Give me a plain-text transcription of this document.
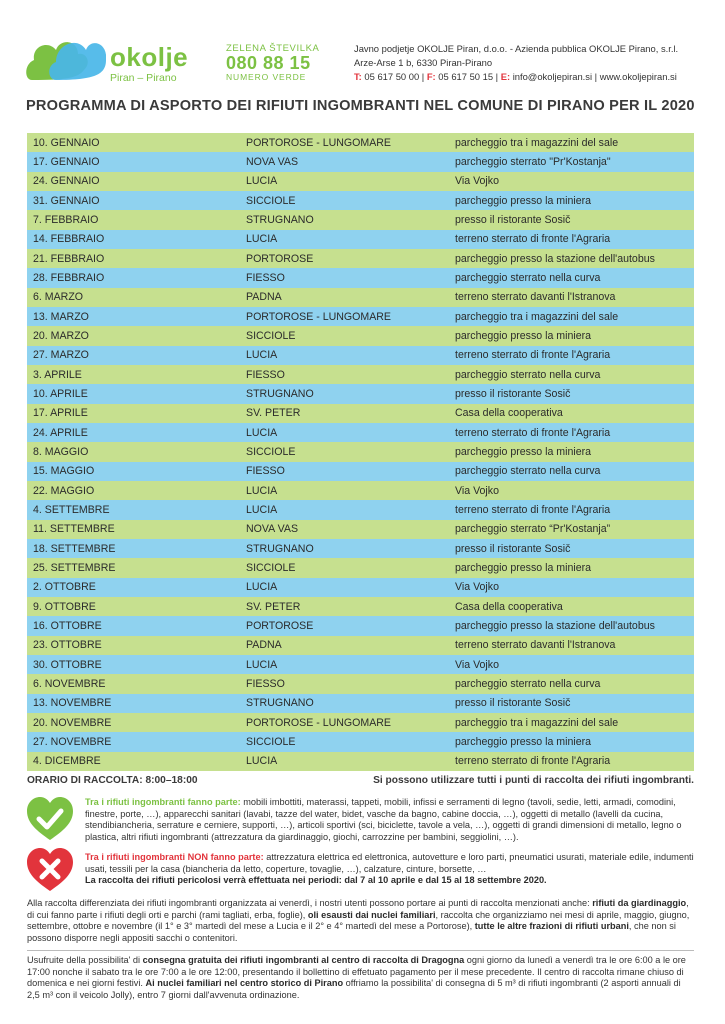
okolje
Piran – Pirano
ZELENA ŠTEVILKA
080 88 15
NUMERO VERDE
Javno podjetje OKOLJE Piran, d.o.o. - Azienda pubblica OKOLJE Pirano, s.r.l.
Arze-Arse 1 b, 6330 Piran-Pirano
T: 05 617 50 00 | F: 05 617 50 15 | E: info@okoljepiran.si | www.okoljepiran.si
PROGRAMMA DI ASPORTO DEI RIFIUTI INGOMBRANTI NEL COMUNE DI PIRANO PER IL 2020
10. GENNAIO	PORTOROSE - LUNGOMARE	parcheggio tra i magazzini del sale
17. GENNAIO	NOVA VAS	parcheggio sterrato "Pr'Kostanja"
24. GENNAIO	LUCIA	Via Vojko
31. GENNAIO	SICCIOLE	parcheggio presso la miniera
7. FEBBRAIO	STRUGNANO	presso il ristorante Sosič
14. FEBBRAIO	LUCIA	terreno sterrato di fronte l'Agraria
21. FEBBRAIO	PORTOROSE	parcheggio presso la stazione dell'autobus
28. FEBBRAIO	FIESSO	parcheggio sterrato nella curva
6. MARZO	PADNA	terreno sterrato davanti l'Istranova
13. MARZO	PORTOROSE - LUNGOMARE	parcheggio tra i magazzini del sale
20. MARZO	SICCIOLE	parcheggio presso la miniera
27. MARZO	LUCIA	terreno sterrato di fronte l'Agraria
3. APRILE	FIESSO	parcheggio sterrato nella curva
10. APRILE	STRUGNANO	presso il ristorante Sosič
17. APRILE	SV. PETER	Casa della cooperativa
24. APRILE	LUCIA	terreno sterrato di fronte l'Agraria
8. MAGGIO	SICCIOLE	parcheggio presso la miniera
15. MAGGIO	FIESSO	parcheggio sterrato nella curva
22. MAGGIO	LUCIA	Via Vojko
4. SETTEMBRE	LUCIA	terreno sterrato di fronte l'Agraria
11. SETTEMBRE	NOVA VAS	parcheggio sterrato “Pr'Kostanja”
18. SETTEMBRE	STRUGNANO	presso il ristorante Sosič
25. SETTEMBRE	SICCIOLE	parcheggio presso la miniera
2. OTTOBRE	LUCIA	Via Vojko
9. OTTOBRE	SV. PETER	Casa della cooperativa
16. OTTOBRE	PORTOROSE	parcheggio presso la stazione dell'autobus
23. OTTOBRE	PADNA	terreno sterrato davanti l'Istranova
30. OTTOBRE	LUCIA	Via Vojko
6. NOVEMBRE	FIESSO	parcheggio sterrato nella curva
13. NOVEMBRE	STRUGNANO	presso il ristorante Sosič
20. NOVEMBRE	PORTOROSE - LUNGOMARE	parcheggio tra i magazzini del sale
27. NOVEMBRE	SICCIOLE	parcheggio presso la miniera
4. DICEMBRE	LUCIA	terreno sterrato di fronte l'Agraria
ORARIO DI RACCOLTA: 8:00–18:00	Si possono utilizzare tutti i punti di raccolta dei rifiuti ingombranti.
Tra i rifiuti ingombranti fanno parte: mobili imbottiti, materassi, tappeti, mobili, infissi e serramenti di legno (tavoli, sedie, letti, armadi, comodini, finestre, porte, …), apparecchi sanitari (lavabi, tazze del water, bidet, vasche da bagno, cabine doccia, …), oggetti di metallo (lavelli da cucina, stendibiancheria, serrature e cerniere, supporti, …), articoli sportivi (sci, biciclette, tavole a vela, …), oggetti di grandi dimensioni di metallo, legno o plastica, altri rifiuti ingombranti (attrezzatura da giardinaggio, giochi, carrozzine per bambini, seggiolini, …).
Tra i rifiuti ingombranti NON fanno parte: attrezzatura elettrica ed elettronica, autovetture e loro parti, pneumatici usurati, materiale edile, indumenti usati, tessili per la casa (biancheria da letto, coperture, tovaglie, …), calzature, cinture, borsette, …
La raccolta dei rifiuti pericolosi verrà effettuata nei periodi: dal 7 al 10 aprile e dal 15 al 18 settembre 2020.
Alla raccolta differenziata dei rifiuti ingombranti organizzata ai venerdì, i nostri utenti possono portare ai punti di raccolta menzionati anche: rifiuti da giardinaggio, di cui fanno parte i rifiuti degli orti e parchi (rami tagliati, erba, foglie), oli esausti dai nuclei familiari, raccolta che organizziamo nei mesi di aprile, maggio, giugno, settembre, ottobre e novembre (il 1° e 3° martedì del mese a Lucia e il 2° e 4° martedì del mese a Portorose), tutte le altre frazioni di rifiuti urbani, che non si possono disporre negli appositi sacchi o contenitori.
Usufruite della possibilita' di consegna gratuita dei rifiuti ingombranti al centro di raccolta di Dragogna ogni giorno da lunedì a venerdì tra le ore 6:00 a le ore 17:00 nonche il sabato tra le ore 7:00 a le ore 12:00, presentando il bollettino di effetuato pagamento per il mese precedente. Il centro di raccolta rimane chiuso di domenica e nei giorni festivi. Ai nuclei familiari nel centro storico di Pirano offriamo la possibilita' di consegna di 5 m³ di rifiuti ingombranti (2 asporti annuali di 2,5 m³ con il veicolo Jolly), entro 7 giorni dall'avvenuta ordinazione.
